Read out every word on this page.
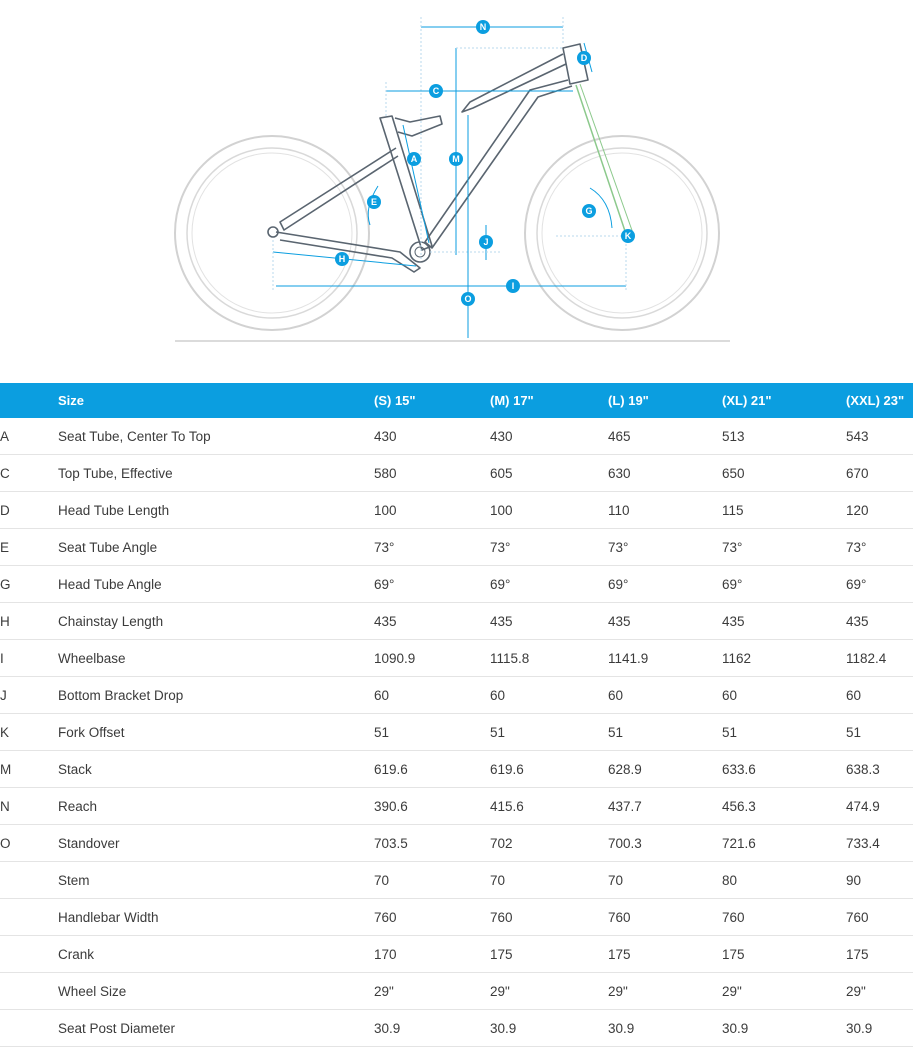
N
D
C
A	M
E
G
J
K
H
I
O
	Size	(S) 15"	(M) 17"	(L) 19"	(XL) 21"	(XXL) 23"
A	Seat Tube, Center To Top	430	430	465	513	543
C	Top Tube, Effective	580	605	630	650	670
D	Head Tube Length	100	100	110	115	120
E	Seat Tube Angle	73°	73°	73°	73°	73°
G	Head Tube Angle	69°	69°	69°	69°	69°
H	Chainstay Length	435	435	435	435	435
I	Wheelbase	1090.9	1115.8	1141.9	1162	1182.4
J	Bottom Bracket Drop	60	60	60	60	60
K	Fork Offset	51	51	51	51	51
M	Stack	619.6	619.6	628.9	633.6	638.3
N	Reach	390.6	415.6	437.7	456.3	474.9
O	Standover	703.5	702	700.3	721.6	733.4
	Stem	70	70	70	80	90
	Handlebar Width	760	760	760	760	760
	Crank	170	175	175	175	175
	Wheel Size	29"	29"	29"	29"	29"
	Seat Post Diameter	30.9	30.9	30.9	30.9	30.9
